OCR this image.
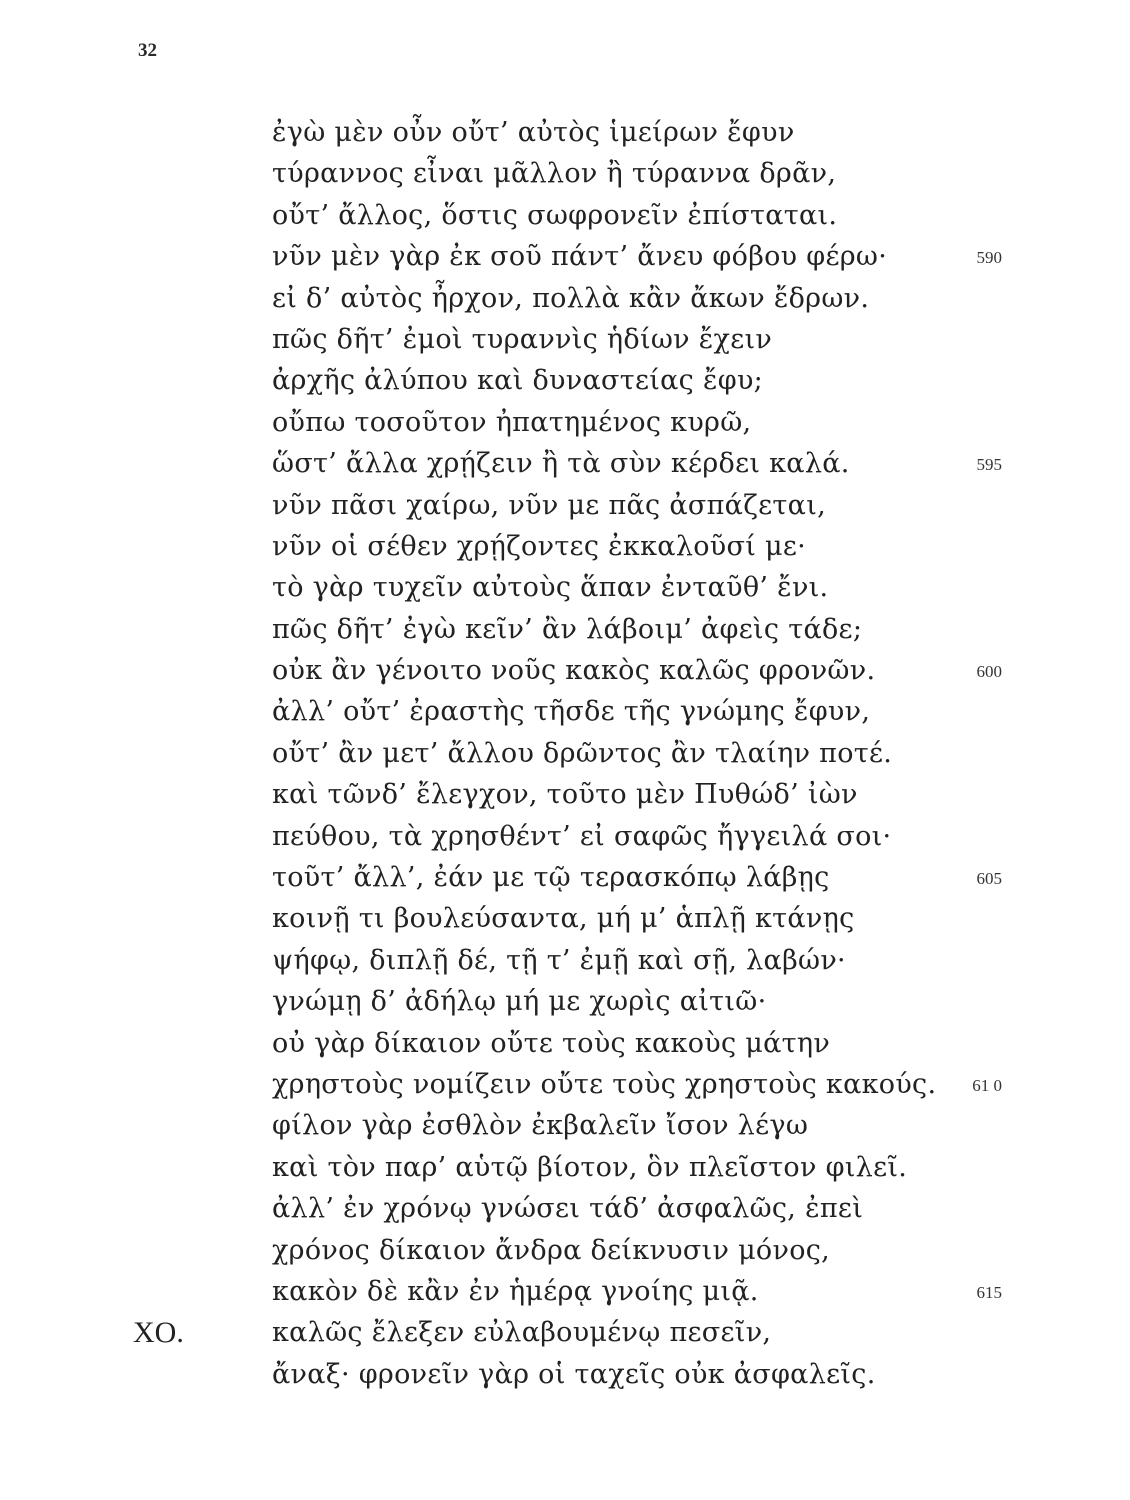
32
ἐγὼ μὲν οὖν οὔτ’ αὐτὸς ἱμείρων ἔφυν
τύραννος εἶναι μᾶλλον ἢ τύραννα δρᾶν,
οὔτ’ ἄλλος, ὅστις σωφρονεῖν ἐπίσταται.
νῦν μὲν γὰρ ἐκ σοῦ πάντ’ ἄνευ φόβου φέρω·	590
εἰ δ’ αὐτὸς ἦρχον, πολλὰ κἂν ἄκων ἔδρων.
πῶς δῆτ’ ἐμοὶ τυραννὶς ἡδίων ἔχειν
ἀρχῆς ἀλύπου καὶ δυναστείας ἔφυ;
οὔπω τοσοῦτον ἠπατημένος κυρῶ,
ὥστ’ ἄλλα χρῄζειν ἢ τὰ σὺν κέρδει καλά.	595
νῦν πᾶσι χαίρω, νῦν με πᾶς ἀσπάζεται,
νῦν οἱ σέθεν χρῄζοντες ἐκκαλοῦσί με·
τὸ γὰρ τυχεῖν αὐτοὺς ἅπαν ἐνταῦθ’ ἔνι.
πῶς δῆτ’ ἐγὼ κεῖν’ ἂν λάβοιμ’ ἀφεὶς τάδε;
οὐκ ἂν γένοιτο νοῦς κακὸς καλῶς φρονῶν.	600
ἀλλ’ οὔτ’ ἐραστὴς τῆσδε τῆς γνώμης ἔφυν,
οὔτ’ ἂν μετ’ ἄλλου δρῶντος ἂν τλαίην ποτέ.
καὶ τῶνδ’ ἔλεγχον, τοῦτο μὲν Πυθώδ’ ἰὼν
πεύθου, τὰ χρησθέντ’ εἰ σαφῶς ἤγγειλά σοι·
τοῦτ’ ἄλλ’, ἐάν με τῷ τερασκόπῳ λάβῃς	605
κοινῇ τι βουλεύσαντα, μή μ’ ἁπλῇ κτάνῃς
ψήφῳ, διπλῇ δέ, τῇ τ’ ἐμῇ καὶ σῇ, λαβών·
γνώμῃ δ’ ἀδήλῳ μή με χωρὶς αἰτιῶ·
οὐ γὰρ δίκαιον οὔτε τοὺς κακοὺς μάτην
χρηστοὺς νομίζειν οὔτε τοὺς χρηστοὺς κακούς.	61 0
φίλον γὰρ ἐσθλὸν ἐκβαλεῖν ἴσον λέγω
καὶ τὸν παρ’ αὑτῷ βίοτον, ὃν πλεῖστον φιλεῖ.
ἀλλ’ ἐν χρόνῳ γνώσει τάδ’ ἀσφαλῶς, ἐπεὶ
χρόνος δίκαιον ἄνδρα δείκνυσιν μόνος,
κακὸν δὲ κἂν ἐν ἡμέρᾳ γνοίης μιᾷ.	615
ΧΟ.	καλῶς ἔλεξεν εὐλαβουμένῳ πεσεῖν,
ἄναξ· φρονεῖν γὰρ οἱ ταχεῖς οὐκ ἀσφαλεῖς.
